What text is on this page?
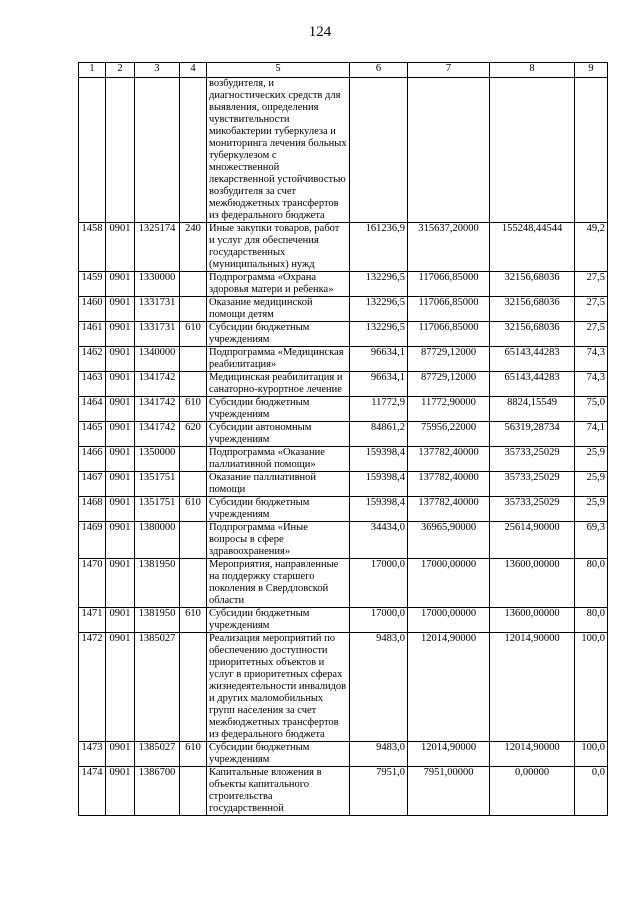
124
1	2	3	4	5	6	7	8	9
				возбудителя, и диагностических средств для выявления, определения чувствительности микобактерии туберкулеза и мониторинга лечения больных туберкулезом с множественной лекарственной устойчивостью возбудителя за счет межбюджетных трансфертов из федерального бюджета				
1458	0901	1325174	240	Иные закупки товаров, работ и услуг для обеспечения государственных (муниципальных) нужд	161236,9	315637,20000	155248,44544	49,2
1459	0901	1330000		Подпрограмма «Охрана здоровья матери и ребенка»	132296,5	117066,85000	32156,68036	27,5
1460	0901	1331731		Оказание медицинской помощи детям	132296,5	117066,85000	32156,68036	27,5
1461	0901	1331731	610	Субсидии бюджетным учреждениям	132296,5	117066,85000	32156,68036	27,5
1462	0901	1340000		Подпрограмма «Медицинская реабилитация»	96634,1	87729,12000	65143,44283	74,3
1463	0901	1341742		Медицинская реабилитация и санаторно-курортное лечение	96634,1	87729,12000	65143,44283	74,3
1464	0901	1341742	610	Субсидии бюджетным учреждениям	11772,9	11772,90000	8824,15549	75,0
1465	0901	1341742	620	Субсидии автономным учреждениям	84861,2	75956,22000	56319,28734	74,1
1466	0901	1350000		Подпрограмма «Оказание паллиативной помощи»	159398,4	137782,40000	35733,25029	25,9
1467	0901	1351751		Оказание паллиативной помощи	159398,4	137782,40000	35733,25029	25,9
1468	0901	1351751	610	Субсидии бюджетным учреждениям	159398,4	137782,40000	35733,25029	25,9
1469	0901	1380000		Подпрограмма «Иные вопросы в сфере здравоохранения»	34434,0	36965,90000	25614,90000	69,3
1470	0901	1381950		Мероприятия, направленные на поддержку старшего поколения в Свердловской области	17000,0	17000,00000	13600,00000	80,0
1471	0901	1381950	610	Субсидии бюджетным учреждениям	17000,0	17000,00000	13600,00000	80,0
1472	0901	1385027		Реализация мероприятий по обеспечению доступности приоритетных объектов и услуг в приоритетных сферах жизнедеятельности инвалидов и других маломобильных групп населения за счет межбюджетных трансфертов из федерального бюджета	9483,0	12014,90000	12014,90000	100,0
1473	0901	1385027	610	Субсидии бюджетным учреждениям	9483,0	12014,90000	12014,90000	100,0
1474	0901	1386700		Капитальные вложения в объекты капитального строительства государственной	7951,0	7951,00000	0,00000	0,0
